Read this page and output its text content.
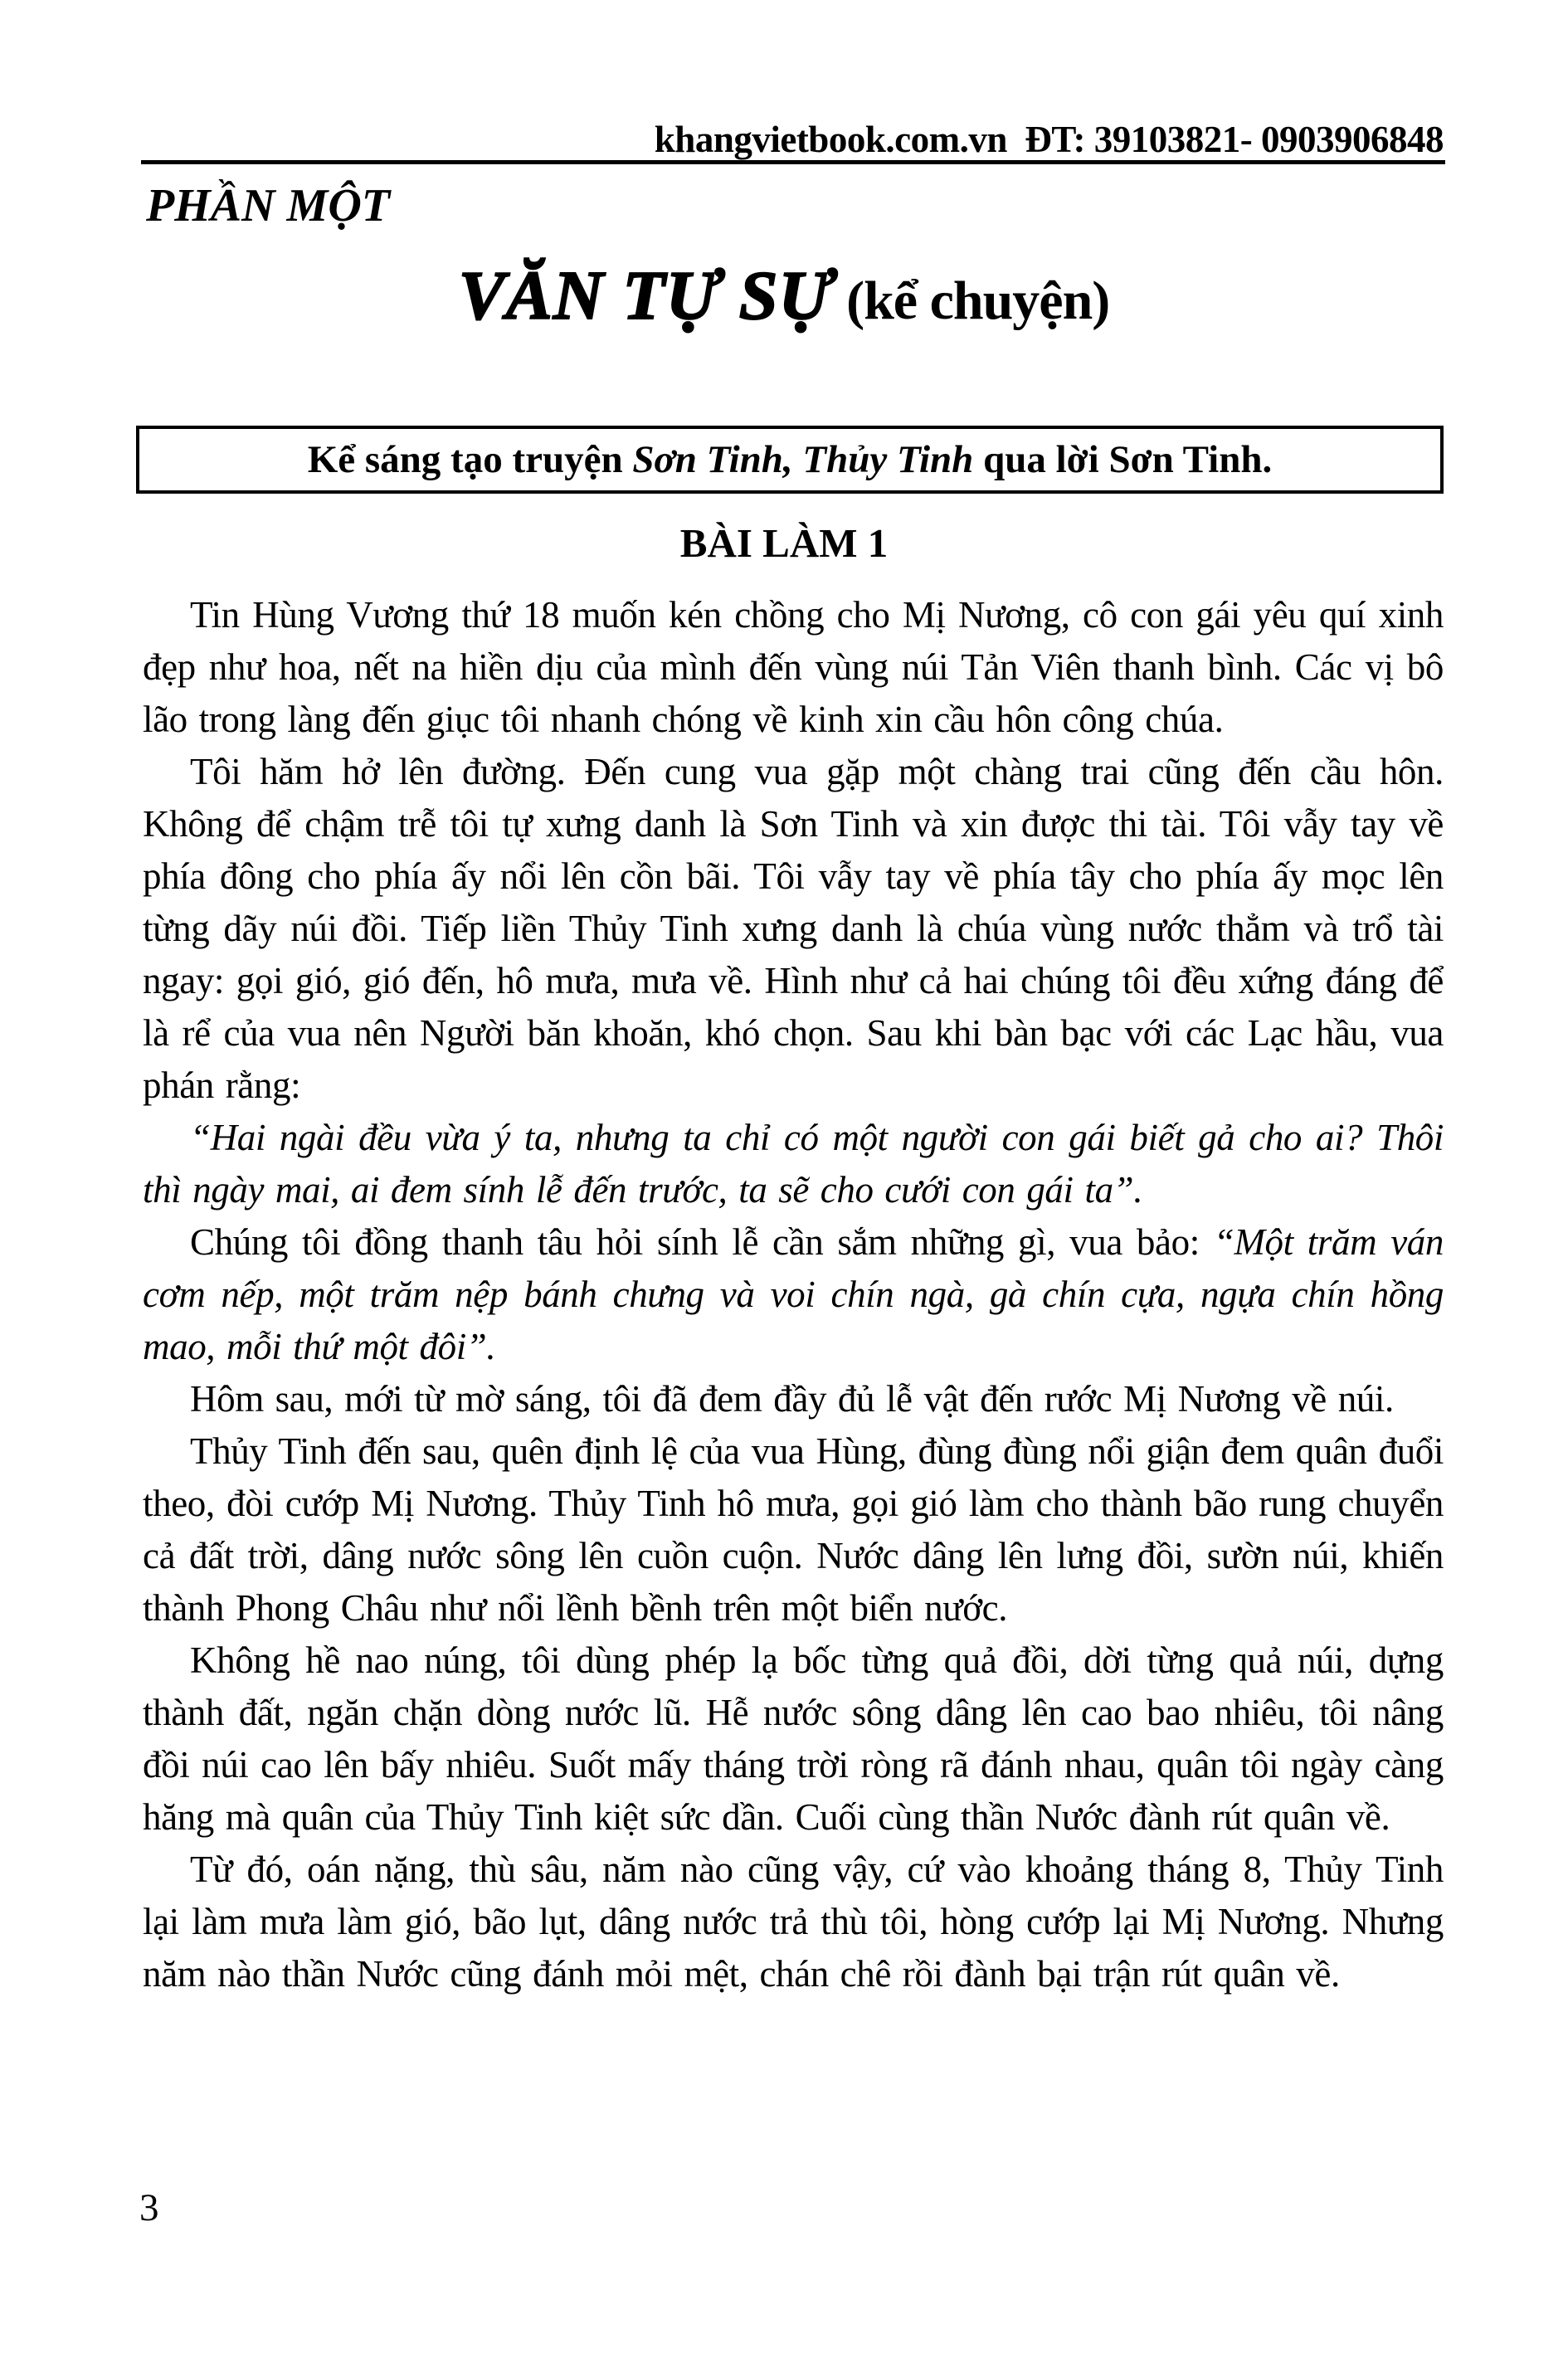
khangvietbook.com.vn  ĐT: 39103821- 0903906848
PHẦN MỘT
VĂN TỰ SỰ (kể chuyện)
Kể sáng tạo truyện Sơn Tinh, Thủy Tinh qua lời Sơn Tinh.
BÀI LÀM 1

Tin Hùng Vương thứ 18 muốn kén chồng cho Mị Nương, cô con gái yêu quí xinh đẹp như hoa, nết na hiền dịu của mình đến vùng núi Tản Viên thanh bình. Các vị bô lão trong làng đến giục tôi nhanh chóng về kinh xin cầu hôn công chúa.

Tôi hăm hở lên đường. Đến cung vua gặp một chàng trai cũng đến cầu hôn. Không để chậm trễ tôi tự xưng danh là Sơn Tinh và xin được thi tài. Tôi vẫy tay về phía đông cho phía ấy nổi lên cồn bãi. Tôi vẫy tay về phía tây cho phía ấy mọc lên từng dãy núi đồi. Tiếp liền Thủy Tinh xưng danh là chúa vùng nước thẳm và trổ tài ngay: gọi gió, gió đến, hô mưa, mưa về. Hình như cả hai chúng tôi đều xứng đáng để là rể của vua nên Người băn khoăn, khó chọn. Sau khi bàn bạc với các Lạc hầu, vua phán rằng:

“Hai ngài đều vừa ý ta, nhưng ta chỉ có một người con gái biết gả cho ai? Thôi thì ngày mai, ai đem sính lễ đến trước, ta sẽ cho cưới con gái ta”.

Chúng tôi đồng thanh tâu hỏi sính lễ cần sắm những gì, vua bảo: “Một trăm ván cơm nếp, một trăm nệp bánh chưng và voi chín ngà, gà chín cựa, ngựa chín hồng mao, mỗi thứ một đôi”.

Hôm sau, mới từ mờ sáng, tôi đã đem đầy đủ lễ vật đến rước Mị Nương về núi.

Thủy Tinh đến sau, quên định lệ của vua Hùng, đùng đùng nổi giận đem quân đuổi theo, đòi cướp Mị Nương. Thủy Tinh hô mưa, gọi gió làm cho thành bão rung chuyển cả đất trời, dâng nước sông lên cuồn cuộn. Nước dâng lên lưng đồi, sườn núi, khiến thành Phong Châu như nổi lềnh bềnh trên một biển nước.

Không hề nao núng, tôi dùng phép lạ bốc từng quả đồi, dời từng quả núi, dựng thành đất, ngăn chặn dòng nước lũ. Hễ nước sông dâng lên cao bao nhiêu, tôi nâng đồi núi cao lên bấy nhiêu. Suốt mấy tháng trời ròng rã đánh nhau, quân tôi ngày càng hăng mà quân của Thủy Tinh kiệt sức dần. Cuối cùng thần Nước đành rút quân về.

Từ đó, oán nặng, thù sâu, năm nào cũng vậy, cứ vào khoảng tháng 8, Thủy Tinh lại làm mưa làm gió, bão lụt, dâng nước trả thù tôi, hòng cướp lại Mị Nương. Nhưng năm nào thần Nước cũng đánh mỏi mệt, chán chê rồi đành bại trận rút quân về.

3
